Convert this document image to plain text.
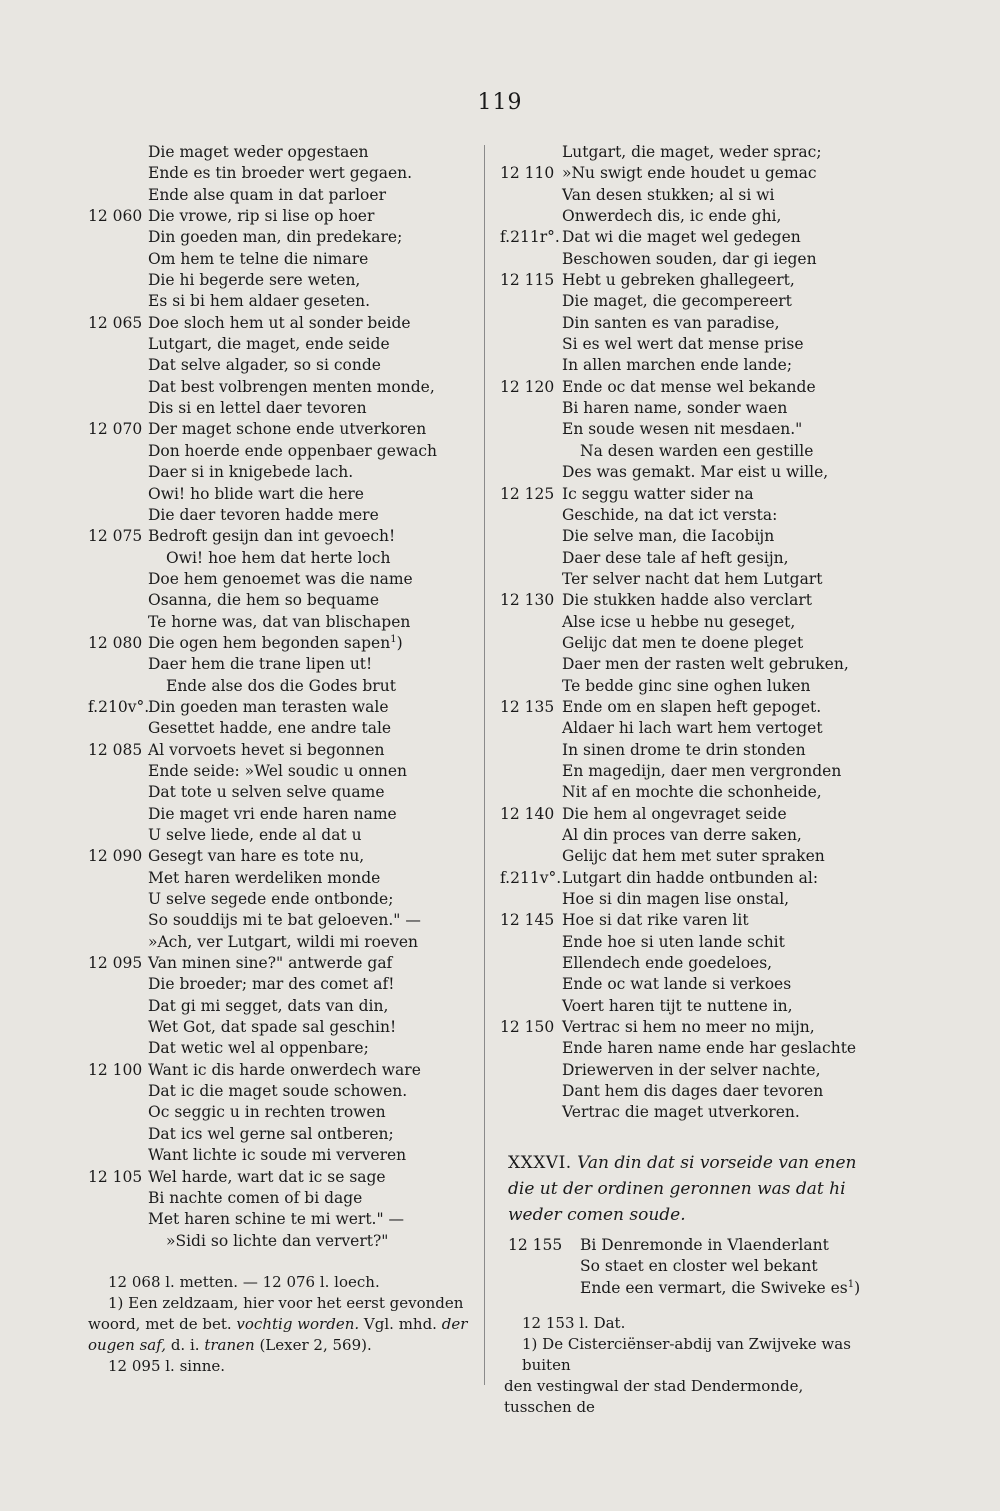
119
Die maget weder opgestaen
Ende es tin broeder wert gegaen.
Ende alse quam in dat parloer
12 060 Die vrowe, rip si lise op hoer
Din goeden man, din predekare;
Om hem te telne die nimare
Die hi begerde sere weten,
Es si bi hem aldaer geseten.
12 065 Doe sloch hem ut al sonder beide
Lutgart, die maget, ende seide
Dat selve algader, so si conde
Dat best volbrengen menten monde,
Dis si en lettel daer tevoren
12 070 Der maget schone ende utverkoren
Don hoerde ende oppenbaer gewach
Daer si in knigebede lach.
Owi! ho blide wart die here
Die daer tevoren hadde mere
12 075 Bedroft gesijn dan int gevoech!
Owi! hoe hem dat herte loch
Doe hem genoemet was die name
Osanna, die hem so bequame
Te horne was, dat van blischapen
12 080 Die ogen hem begonden sapen$^1$)
Daer hem die trane lipen ut!
Ende alse dos die Godes brut
f.210v°.
Din goeden man terasten wale
Gesettet hadde, ene andre tale
12 085 Al vorvoets hevet si begonnen
Ende seide: »Wel soudic u onnen
Dat tote u selven selve quame
Die maget vri ende haren name
U selve liede, ende al dat u
12 090 Gesegt van hare es tote nu,
Met haren werdeliken monde
U selve segede ende ontbonde;
So souddijs mi te bat geloeven." —
»Ach, ver Lutgart, wildi mi roeven
12 095 Van minen sine?" antwerde gaf
Die broeder; mar des comet af!
Dat gi mi segget, dats van din,
Wet Got, dat spade sal geschin!
Dat wetic wel al oppenbare;
12 100 Want ic dis harde onwerdech ware
Dat ic die maget soude schowen.
Oc seggic u in rechten trowen
Dat ics wel gerne sal ontberen;
Want lichte ic soude mi ververen
12 105 Wel harde, wart dat ic se sage
Bi nachte comen of bi dage
Met haren schine te mi wert." —
»Sidi so lichte dan ververt?"
12 068 l. metten. — 12 076 l. loech.
1) Een zeldzaam, hier voor het eerst gevonden
woord, met de bet. vochtig worden. Vgl. mhd. der
ougen saf, d. i. tranen (Lexer 2, 569).
12 095 l. sinne.
Lutgart, die maget, weder sprac;
12 110 »Nu swigt ende houdet u gemac
Van desen stukken; al si wi
Onwerdech dis, ic ende ghi,
f.211r°. Dat wi die maget wel gedegen
Beschowen souden, dar gi iegen
12 115 Hebt u gebreken ghallegeert,
Die maget, die gecompereert
Din santen es van paradise,
Si es wel wert dat mense prise
In allen marchen ende lande;
12 120 Ende oc dat mense wel bekande
Bi haren name, sonder waen
En soude wesen nit mesdaen."
Na desen warden een gestille
Des was gemakt. Mar eist u wille,
12 125 Ic seggu watter sider na
Geschide, na dat ict versta:
Die selve man, die Iacobijn
Daer dese tale af heft gesijn,
Ter selver nacht dat hem Lutgart
12 130 Die stukken hadde also verclart
Alse icse u hebbe nu geseget,
Gelijc dat men te doene pleget
Daer men der rasten welt gebruken,
Te bedde ginc sine oghen luken
12 135 Ende om en slapen heft gepoget.
Aldaer hi lach wart hem vertoget
In sinen drome te drin stonden
En magedijn, daer men vergronden
Nit af en mochte die schonheide,
12 140 Die hem al ongevraget seide
Al din proces van derre saken,
Gelijc dat hem met suter spraken
f.211v°. Lutgart din hadde ontbunden al:
Hoe si din magen lise onstal,
12 145 Hoe si dat rike varen lit
Ende hoe si uten lande schit
Ellendech ende goedeloes,
Ende oc wat lande si verkoes
Voert haren tijt te nuttene in,
12 150 Vertrac si hem no meer no mijn,
Ende haren name ende har geslachte
Driewerven in der selver nachte,
Dant hem dis dages daer tevoren
Vertrac die maget utverkoren.
XXXVI. Van din dat si vorseide van enen
die ut der ordinen geronnen was dat hi
weder comen soude.
12 155 Bi Denremonde in Vlaenderlant
So staet en closter wel bekant
Ende een vermart, die Swiveke $es^1$)
12 153 l. Dat.
1) De Cisterciënser-abdij van Zwijveke was buiten
den vestingwal der stad Dendermonde, tusschen de
